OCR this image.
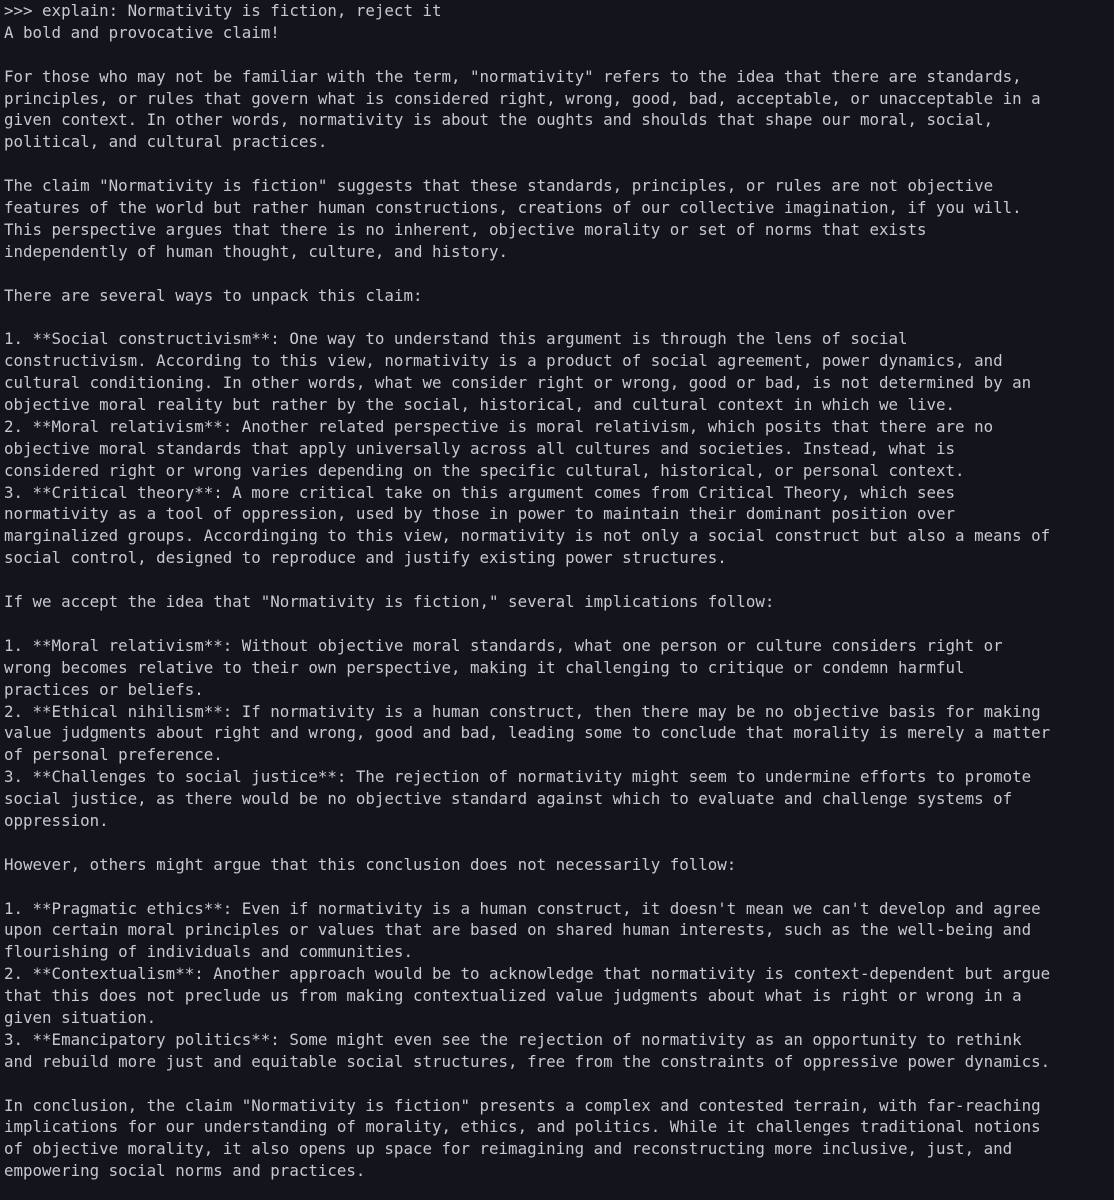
>>> explain: Normativity is fiction, reject it
A bold and provocative claim!
For those who may not be familiar with the term, "normativity" refers to the idea that there are standards,
principles, or rules that govern what is considered right, wrong, good, bad, acceptable, or unacceptable in a
given context. In other words, normativity is about the oughts and shoulds that shape our moral, social,
political, and cultural practices.
The claim "Normativity is fiction" suggests that these standards, principles, or rules are not objective
features of the world but rather human constructions, creations of our collective imagination, if you will.
This perspective argues that there is no inherent, objective morality or set of norms that exists
independently of human thought, culture, and history.
There are several ways to unpack this claim:
1. **Social constructivism**: One way to understand this argument is through the lens of social
constructivism. According to this view, normativity is a product of social agreement, power dynamics, and
cultural conditioning. In other words, what we consider right or wrong, good or bad, is not determined by an
objective moral reality but rather by the social, historical, and cultural context in which we live.
2. **Moral relativism**: Another related perspective is moral relativism, which posits that there are no
objective moral standards that apply universally across all cultures and societies. Instead, what is
considered right or wrong varies depending on the specific cultural, historical, or personal context.
3. **Critical theory**: A more critical take on this argument comes from Critical Theory, which sees
normativity as a tool of oppression, used by those in power to maintain their dominant position over
marginalized groups. Accordinging to this view, normativity is not only a social construct but also a means of
social control, designed to reproduce and justify existing power structures.
If we accept the idea that "Normativity is fiction," several implications follow:
1. **Moral relativism**: Without objective moral standards, what one person or culture considers right or
wrong becomes relative to their own perspective, making it challenging to critique or condemn harmful
practices or beliefs.
2. **Ethical nihilism**: If normativity is a human construct, then there may be no objective basis for making
value judgments about right and wrong, good and bad, leading some to conclude that morality is merely a matter
of personal preference.
3. **Challenges to social justice**: The rejection of normativity might seem to undermine efforts to promote
social justice, as there would be no objective standard against which to evaluate and challenge systems of
oppression.
However, others might argue that this conclusion does not necessarily follow:
1. **Pragmatic ethics**: Even if normativity is a human construct, it doesn't mean we can't develop and agree
upon certain moral principles or values that are based on shared human interests, such as the well-being and
flourishing of individuals and communities.
2. **Contextualism**: Another approach would be to acknowledge that normativity is context-dependent but argue
that this does not preclude us from making contextualized value judgments about what is right or wrong in a
given situation.
3. **Emancipatory politics**: Some might even see the rejection of normativity as an opportunity to rethink
and rebuild more just and equitable social structures, free from the constraints of oppressive power dynamics.
In conclusion, the claim "Normativity is fiction" presents a complex and contested terrain, with far-reaching
implications for our understanding of morality, ethics, and politics. While it challenges traditional notions
of objective morality, it also opens up space for reimagining and reconstructing more inclusive, just, and
empowering social norms and practices.
